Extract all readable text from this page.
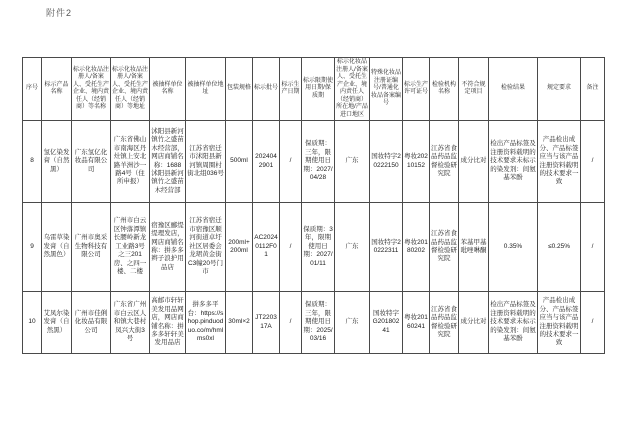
附件2
序号	标示产品名称	标示化妆品注册人/备案人、受托生产企业、境内责任人（经销商）等名称	标示化妆品注册人/备案人、受托生产企业、境内责任人（经销商）等地址	被抽样单位名称	被抽样单位地址	包装规格	标示批号	标示生产日期	标示限期使用日期/保质期	标示化妆品注册人/备案人、受托生产企业、境内责任人（经销商）所在地/产品进口地区	特殊化妆品注册证编号/普通化妆品备案编号	标示生产许可证号	检验机构名称	不符合规定项目	检验结果	规定要求	备注
8	氢亿染发膏（自然黑）	广东氢亿化妆品有限公司	广东省佛山市南海区丹灶镇上安北路羊洲沙一路4号（住所申报）	沭阳县新河镇竹之盛苗木经营部，网店商铺名称：1688沭阳县新河镇竹之盛苗木经营部	江苏省宿迁市沭阳县新河镇周圈村街北组036号	500ml	2024042901	/	保质期：三年，限期使用日期：2027/04/28	广东	国妆特字20222150	粤妆20210152	江苏省食品药品监督检验研究院	成分比对	检出产品标签及注册资料载明的技术要求未标示的染发剂：间氨基苯酚	产品检出成分、产品标签应当与该产品注册资料载明的技术要求一致	/
9	乌雷草染发膏（自然黑色）	广州市奥采生物科技有限公司	广州市白云区钟落潭镇长腰岭新龙工业路3号之三201房、之四一楼、二楼	宿豫区郦缇缇理发店，网店商铺名称：拼多多辫子浪护用品店	江苏省宿迁市宿豫区顺河街道卓圩社区居委会龙珺黄金街C3幢20号门市	200ml+200ml	AC20240112F01	/	保质期：3年，限期使用日期：2027/01/11	广东	国妆特字20222311	粤妆20180202	江苏省食品药品监督检验研究院	苯基甲基吡唑啉酮	0.35%	≤0.25%	/
10	艾凤尔染发膏（自然黑）	广州市佳俐化妆品有限公司	广东省广州市白云区人和镇大巷村凤兴大街3号	高邮市轩轩美发用品网店，网店商铺名称：拼多多轩轩美发用品店	拼多多平台：https://shop.pinduoduo.co/m/hmlms0xl	30ml×2	JT220317A	/	保质期：三年，限期使用日期：2025/03/16	广东	国妆特字G20180241	粤妆20160241	江苏省食品药品监督检验研究院	成分比对	检出产品标签及注册资料载明的技术要求未标示的染发剂：间氨基苯酚	产品检出成分、产品标签应当与该产品注册资料载明的技术要求一致	/
